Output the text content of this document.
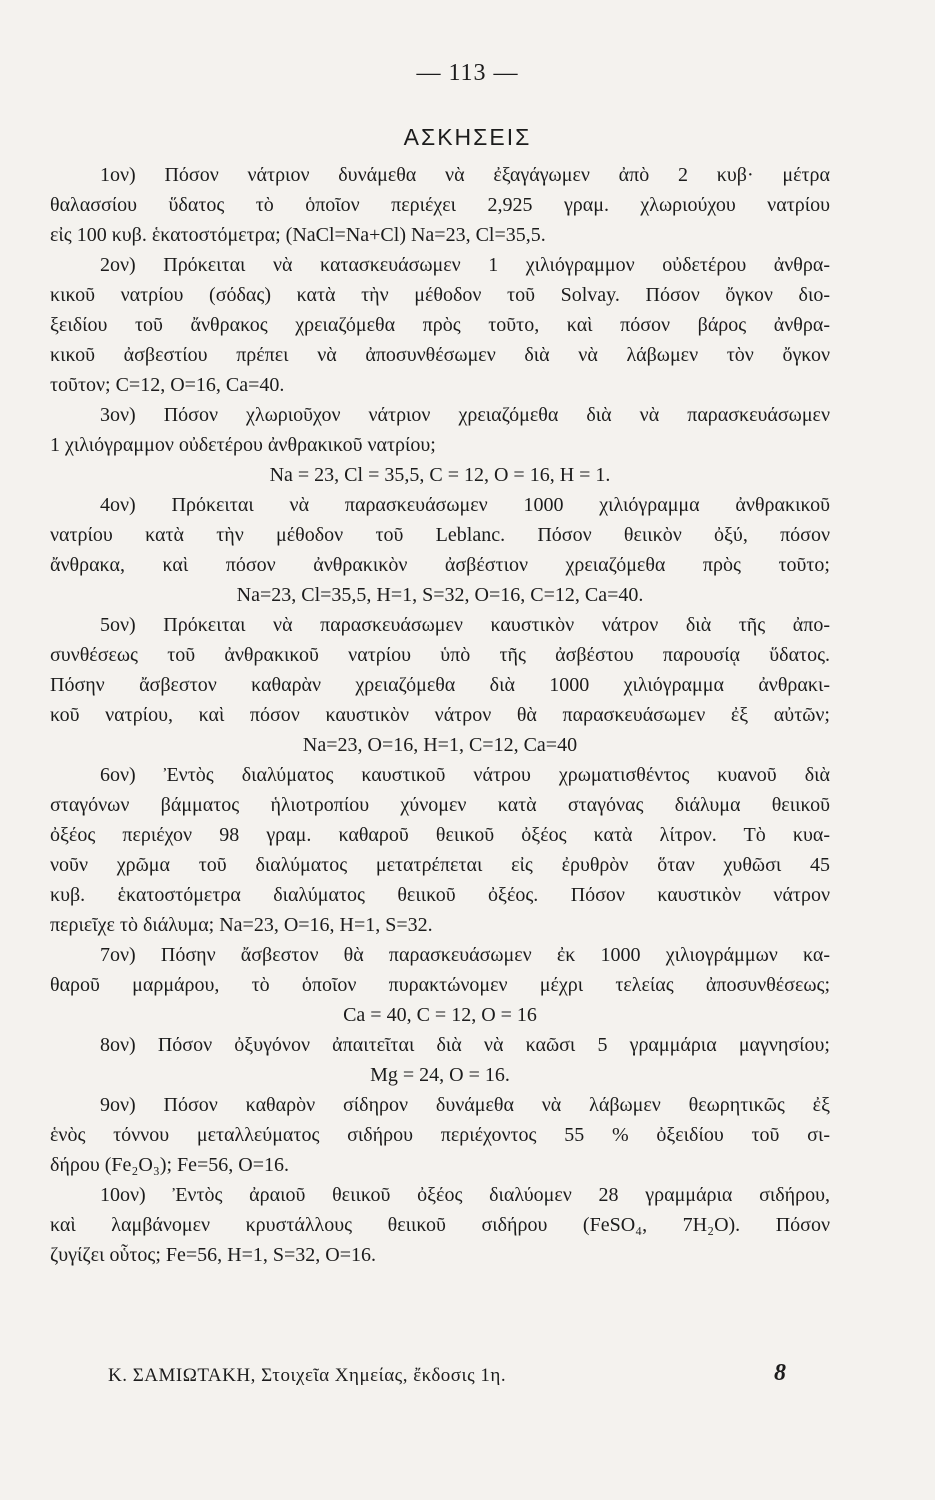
— 113 —
ΑΣΚΗΣΕΙΣ
1ον) Πόσον νάτριον δυνάμεθα νὰ ἐξαγάγωμεν ἀπὸ 2 κυβ· μέτρα
θαλασσίου ὕδατος τὸ ὁποῖον περιέχει 2,925 γραμ. χλωριούχου νατρίου
εἰς 100 κυβ. ἑκατοστόμετρα; (NaCl=Na+Cl) Na=23, Cl=35,5.
2ον) Πρόκειται νὰ κατασκευάσωμεν 1 χιλιόγραμμον οὐδετέρου ἀνθρα-
κικοῦ νατρίου (σόδας) κατὰ τὴν μέθοδον τοῦ Solvay. Πόσον ὄγκον διο-
ξειδίου τοῦ ἄνθρακος χρειαζόμεθα πρὸς τοῦτο, καὶ πόσον βάρος ἀνθρα-
κικοῦ ἀσβεστίου πρέπει νὰ ἀποσυνθέσωμεν διὰ νὰ λάβωμεν τὸν ὄγκον
τοῦτον; C=12, O=16, Ca=40.
3ον) Πόσον χλωριοῦχον νάτριον χρειαζόμεθα διὰ νὰ παρασκευάσωμεν
1 χιλιόγραμμον οὐδετέρου ἀνθρακικοῦ νατρίου;
Na = 23, Cl = 35,5, C = 12, O = 16, H = 1.
4ον) Πρόκειται νὰ παρασκευάσωμεν 1000 χιλιόγραμμα ἀνθρακικοῦ
νατρίου κατὰ τὴν μέθοδον τοῦ Leblanc. Πόσον θειικὸν ὀξύ, πόσον
ἄνθρακα, καὶ πόσον ἀνθρακικὸν ἀσβέστιον χρειαζόμεθα πρὸς τοῦτο;
Na=23, Cl=35,5, H=1, S=32, O=16, C=12, Ca=40.
5ον) Πρόκειται νὰ παρασκευάσωμεν καυστικὸν νάτρον διὰ τῆς ἀπο-
συνθέσεως τοῦ ἀνθρακικοῦ νατρίου ὑπὸ τῆς ἀσβέστου παρουσίᾳ ὕδατος.
Πόσην ἄσβεστον καθαρὰν χρειαζόμεθα διὰ 1000 χιλιόγραμμα ἀνθρακι-
κοῦ νατρίου, καὶ πόσον καυστικὸν νάτρον θὰ παρασκευάσωμεν ἐξ αὐτῶν;
Na=23, O=16, H=1, C=12, Ca=40
6ον) Ἐντὸς διαλύματος καυστικοῦ νάτρου χρωματισθέντος κυανοῦ διὰ
σταγόνων βάμματος ἡλιοτροπίου χύνομεν κατὰ σταγόνας διάλυμα θειικοῦ
ὀξέος περιέχον 98 γραμ. καθαροῦ θειικοῦ ὀξέος κατὰ λίτρον. Τὸ κυα-
νοῦν χρῶμα τοῦ διαλύματος μετατρέπεται εἰς ἐρυθρὸν ὅταν χυθῶσι 45
κυβ. ἑκατοστόμετρα διαλύματος θειικοῦ ὀξέος. Πόσον καυστικὸν νάτρον
περιεῖχε τὸ διάλυμα; Na=23, O=16, H=1, S=32.
7ον) Πόσην ἄσβεστον θὰ παρασκευάσωμεν ἐκ 1000 χιλιογράμμων κα-
θαροῦ μαρμάρου, τὸ ὁποῖον πυρακτώνομεν μέχρι τελείας ἀποσυνθέσεως;
Ca = 40, C = 12, O = 16
8ον) Πόσον ὀξυγόνον ἀπαιτεῖται διὰ νὰ καῶσι 5 γραμμάρια μαγνησίου;
Mg = 24, O = 16.
9ον) Πόσον καθαρὸν σίδηρον δυνάμεθα νὰ λάβωμεν θεωρητικῶς ἐξ
ἑνὸς τόννου μεταλλεύματος σιδήρου περιέχοντος 55 % ὀξειδίου τοῦ σι-
δήρου (Fe₂O₃); Fe=56, O=16.
10ον) Ἐντὸς ἀραιοῦ θειικοῦ ὀξέος διαλύομεν 28 γραμμάρια σιδήρου,
καὶ λαμβάνομεν κρυστάλλους θειικοῦ σιδήρου (FeSO₄, 7H₂O). Πόσον
ζυγίζει οὗτος; Fe=56, H=1, S=32, O=16.
Κ. ΣΑΜΙΩΤΑΚΗ, Στοιχεῖα Χημείας, ἔκδοσις 1η.	8
